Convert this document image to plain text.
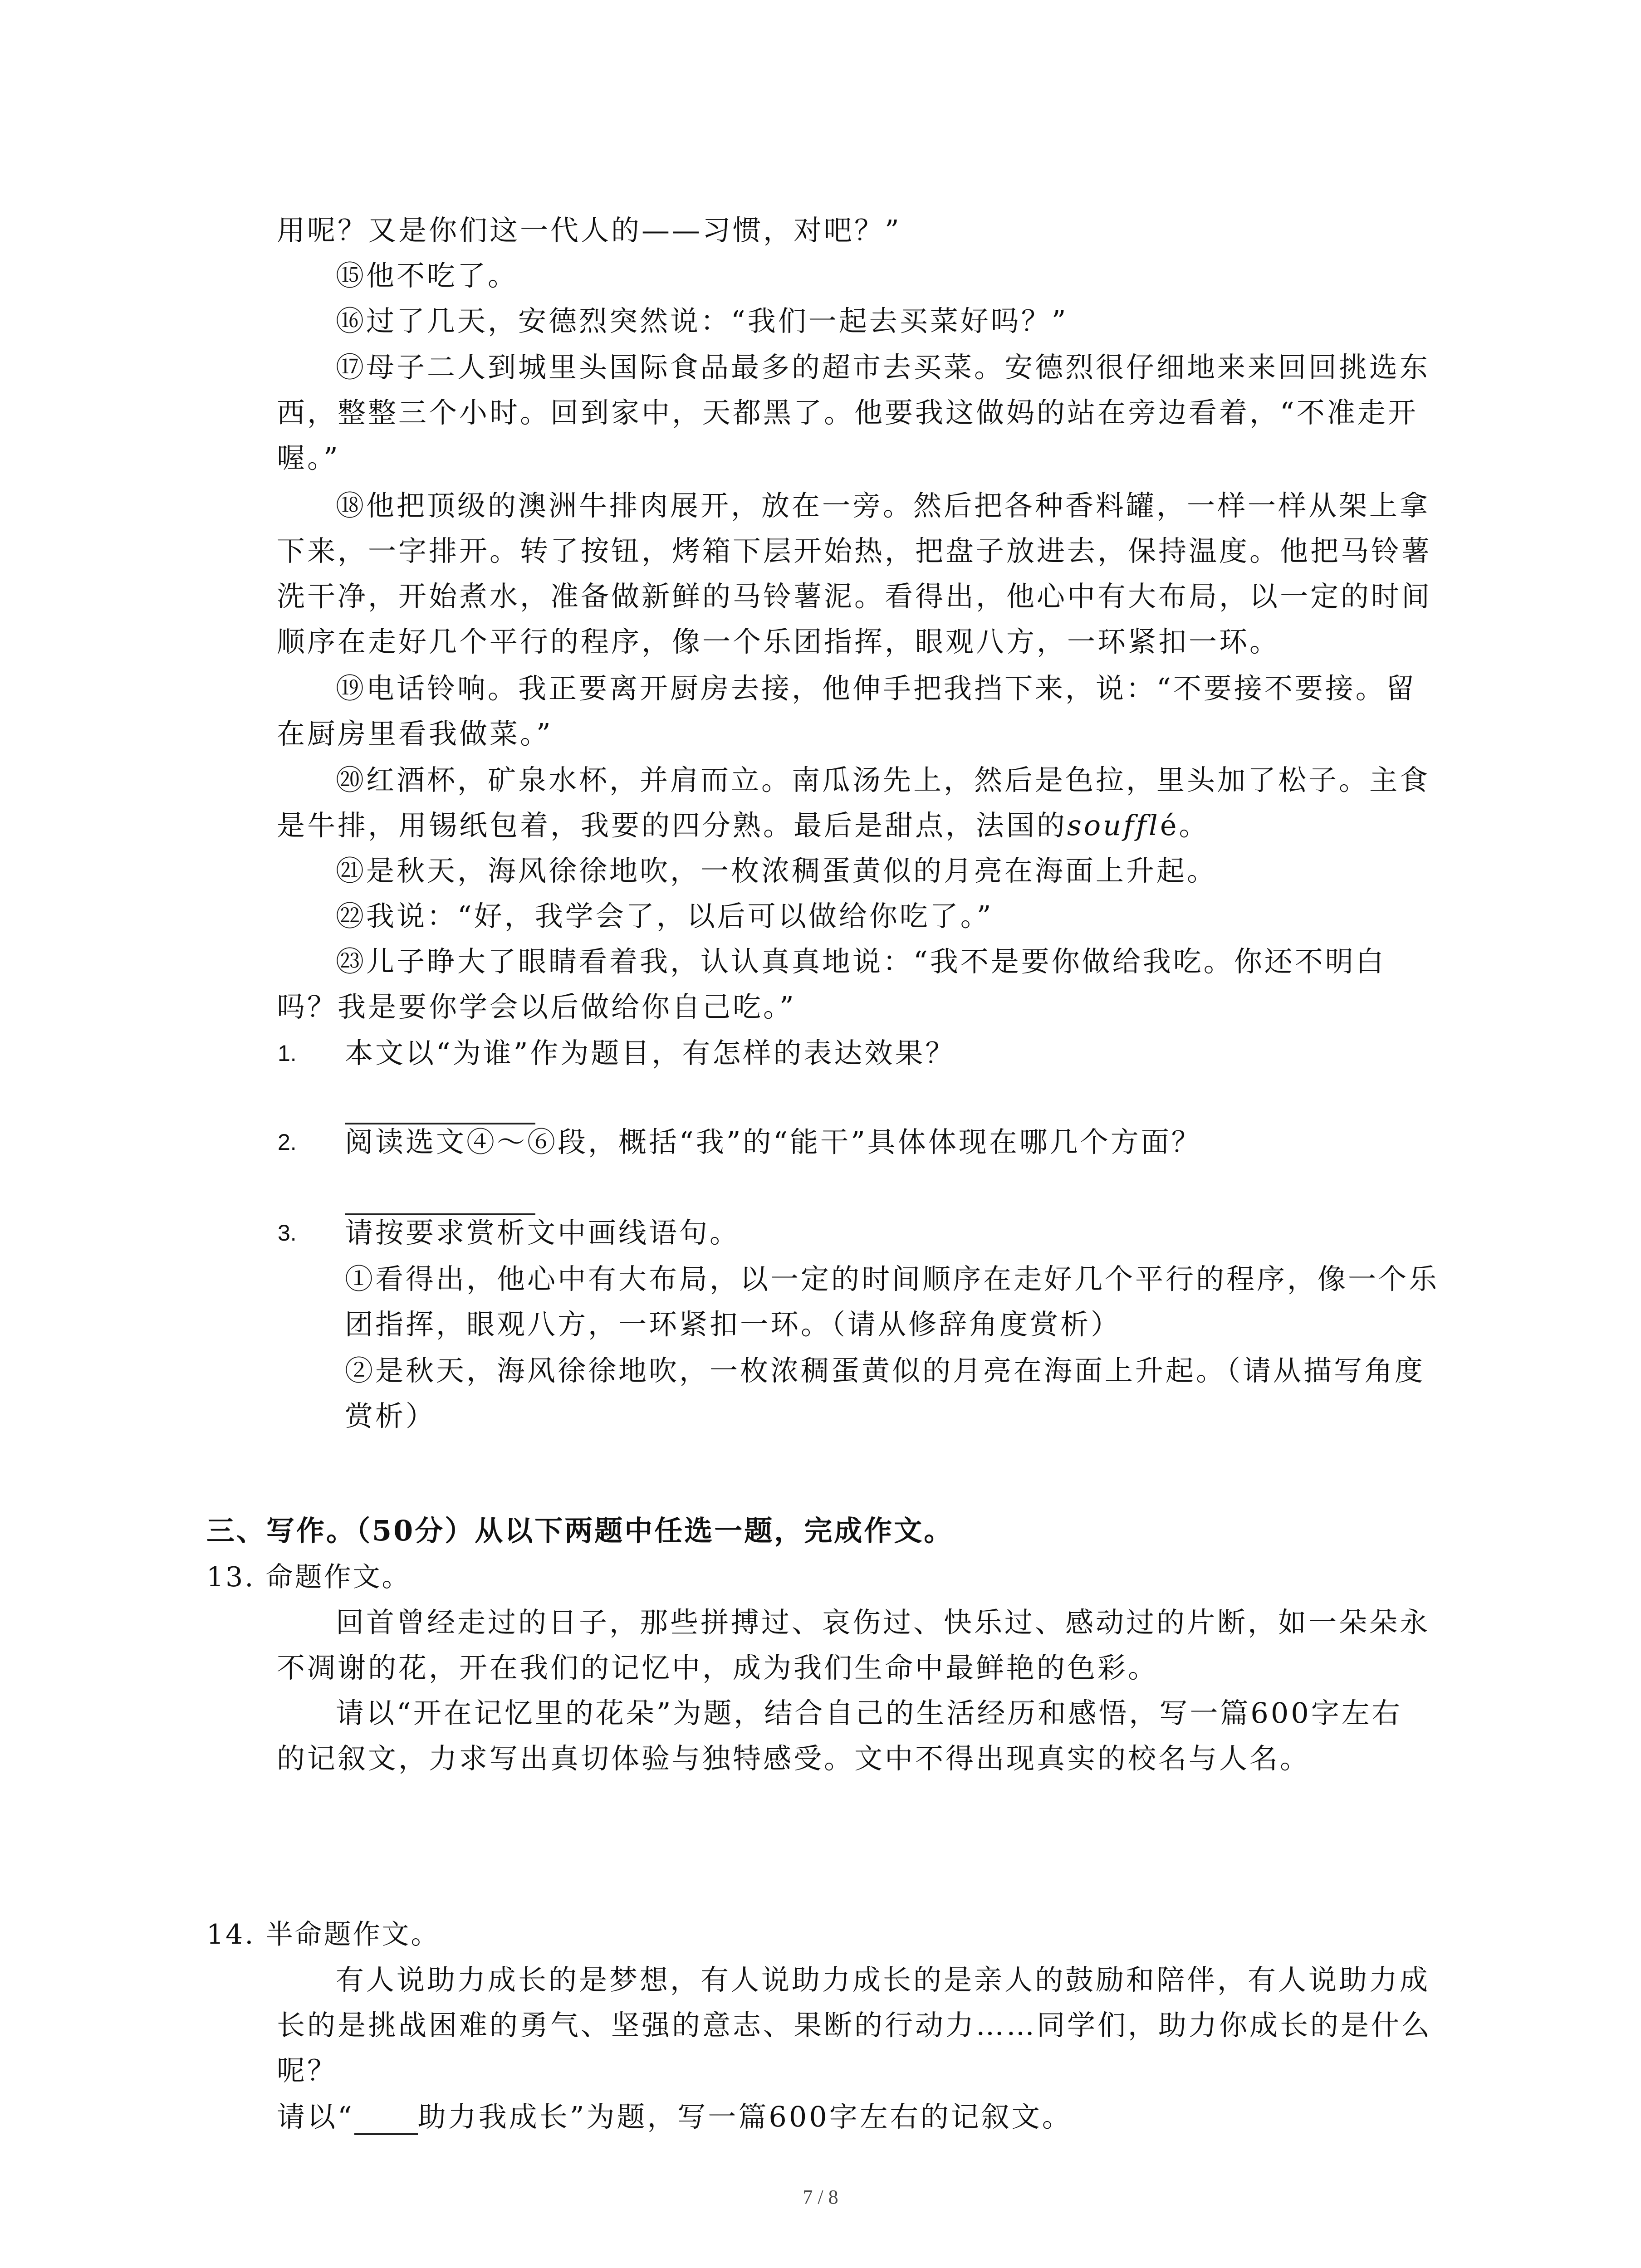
用呢？又是你们这一代人的——习惯，对吧？”
⑮他不吃了。
⑯过了几天，安德烈突然说：“我们一起去买菜好吗？”
⑰母子二人到城里头国际食品最多的超市去买菜。安德烈很仔细地来来回回挑选东
西，整整三个小时。回到家中，天都黑了。他要我这做妈的站在旁边看着，“不准走开
喔。”
⑱他把顶级的澳洲牛排肉展开，放在一旁。然后把各种香料罐，一样一样从架上拿
下来，一字排开。转了按钮，烤箱下层开始热，把盘子放进去，保持温度。他把马铃薯
洗干净，开始煮水，准备做新鲜的马铃薯泥。看得出，他心中有大布局，以一定的时间
顺序在走好几个平行的程序，像一个乐团指挥，眼观八方，一环紧扣一环。
⑲电话铃响。我正要离开厨房去接，他伸手把我挡下来，说：“不要接不要接。留
在厨房里看我做菜。”
⑳红酒杯，矿泉水杯，并肩而立。南瓜汤先上，然后是色拉，里头加了松子。主食
是牛排，用锡纸包着，我要的四分熟。最后是甜点，法国的soufflé。
㉑是秋天，海风徐徐地吹，一枚浓稠蛋黄似的月亮在海面上升起。
㉒我说：“好，我学会了，以后可以做给你吃了。”
㉓儿子睁大了眼睛看着我，认认真真地说：“我不是要你做给我吃。你还不明白
吗？我是要你学会以后做给你自己吃。”
1. 本文以“为谁”作为题目，有怎样的表达效果？
2. 阅读选文④～⑥段，概括“我”的“能干”具体体现在哪几个方面？
3. 请按要求赏析文中画线语句。
①看得出，他心中有大布局，以一定的时间顺序在走好几个平行的程序，像一个乐
团指挥，眼观八方，一环紧扣一环。（请从修辞角度赏析）
②是秋天，海风徐徐地吹，一枚浓稠蛋黄似的月亮在海面上升起。（请从描写角度
赏析）
三、写作。（50分）从以下两题中任选一题，完成作文。
13. 命题作文。
回首曾经走过的日子，那些拼搏过、哀伤过、快乐过、感动过的片断，如一朵朵永
不凋谢的花，开在我们的记忆中，成为我们生命中最鲜艳的色彩。
请以“开在记忆里的花朵”为题，结合自己的生活经历和感悟，写一篇600字左右
的记叙文，力求写出真切体验与独特感受。文中不得出现真实的校名与人名。
14. 半命题作文。
有人说助力成长的是梦想，有人说助力成长的是亲人的鼓励和陪伴，有人说助力成
长的是挑战困难的勇气、坚强的意志、果断的行动力……同学们，助力你成长的是什么
呢？
请以“ 助力我成长”为题，写一篇600字左右的记叙文。
7 / 8
